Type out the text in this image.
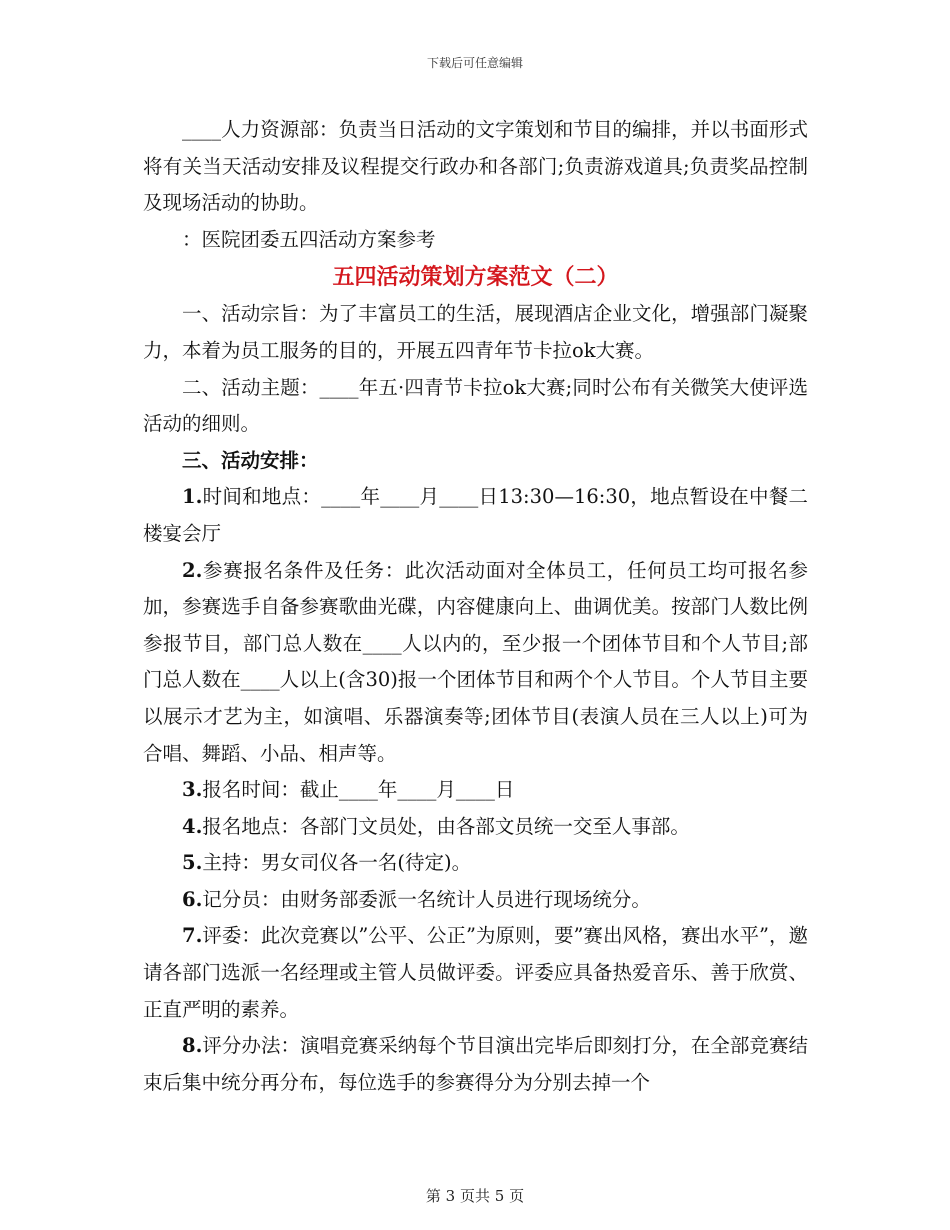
下载后可任意编辑

____人力资源部：负责当日活动的文字策划和节目的编排，并以书面形式将有关当天活动安排及议程提交行政办和各部门;负责游戏道具;负责奖品控制及现场活动的协助。

：医院团委五四活动方案参考

五四活动策划方案范文（二）

一、活动宗旨：为了丰富员工的生活，展现酒店企业文化，增强部门凝聚力，本着为员工服务的目的，开展五四青年节卡拉ok大赛。

二、活动主题：____年五·四青节卡拉ok大赛;同时公布有关微笑大使评选活动的细则。

三、活动安排：

1.时间和地点：____年____月____日13:30—16:30，地点暂设在中餐二楼宴会厅

2.参赛报名条件及任务：此次活动面对全体员工，任何员工均可报名参加，参赛选手自备参赛歌曲光碟，内容健康向上、曲调优美。按部门人数比例参报节目，部门总人数在____人以内的，至少报一个团体节目和个人节目;部门总人数在____人以上(含30)报一个团体节目和两个个人节目。个人节目主要以展示才艺为主，如演唱、乐器演奏等;团体节目(表演人员在三人以上)可为合唱、舞蹈、小品、相声等。

3.报名时间：截止____年____月____日

4.报名地点：各部门文员处，由各部文员统一交至人事部。

5.主持：男女司仪各一名(待定)。

6.记分员：由财务部委派一名统计人员进行现场统分。

7.评委：此次竞赛以”公平、公正”为原则，要”赛出风格，赛出水平”，邀请各部门选派一名经理或主管人员做评委。评委应具备热爱音乐、善于欣赏、正直严明的素养。

8.评分办法：演唱竞赛采纳每个节目演出完毕后即刻打分，在全部竞赛结束后集中统分再分布，每位选手的参赛得分为分别去掉一个

第 3 页共 5 页
